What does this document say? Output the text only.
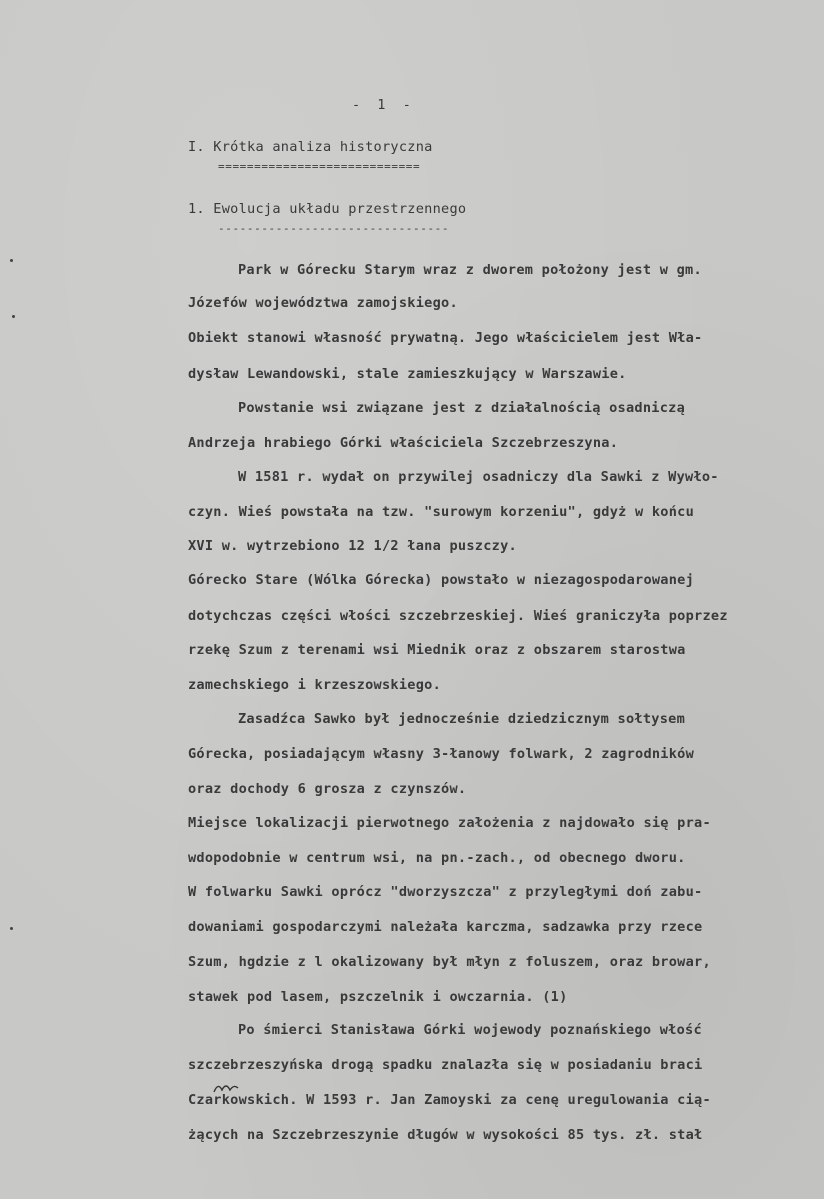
-  1  -
I. Krótka analiza historyczna
============================
1. Ewolucja układu przestrzennego
--------------------------------
Park w Górecku Starym wraz z dworem położony jest w gm.
Józefów województwa zamojskiego.
Obiekt stanowi własność prywatną. Jego właścicielem jest Wła-
dysław Lewandowski, stale zamieszkujący w Warszawie.
Powstanie wsi związane jest z działalnością osadniczą
Andrzeja hrabiego Górki właściciela Szczebrzeszyna.
W 1581 r. wydał on przywilej osadniczy dla Sawki z Wywło-
czyn. Wieś powstała na tzw. "surowym korzeniu", gdyż w końcu
XVI w. wytrzebiono 12 1/2 łana puszczy.
Górecko Stare (Wólka Górecka) powstało w niezagospodarowanej
dotychczas części włości szczebrzeskiej. Wieś graniczyła poprzez
rzekę Szum z terenami wsi Miednik oraz z obszarem starostwa
zamechskiego i krzeszowskiego.
Zasadźca Sawko był jednocześnie dziedzicznym sołtysem
Górecka, posiadającym własny 3-łanowy folwark, 2 zagrodników
oraz dochody 6 grosza z czynszów.
Miejsce lokalizacji pierwotnego założenia z najdowało się pra-
wdopodobnie w centrum wsi, na pn.-zach., od obecnego dworu.
W folwarku Sawki oprócz "dworzyszcza" z przyległymi doń zabu-
dowaniami gospodarczymi należała karczma, sadzawka przy rzece
Szum, hgdzie z l okalizowany był młyn z foluszem, oraz browar,
stawek pod lasem, pszczelnik i owczarnia. (1)
Po śmierci Stanisława Górki wojewody poznańskiego włość
szczebrzeszyńska drogą spadku znalazła się w posiadaniu braci
Czarkowskich. W 1593 r. Jan Zamoyski za cenę uregulowania cią-
żących na Szczebrzeszynie długów w wysokości 85 tys. zł. stał
